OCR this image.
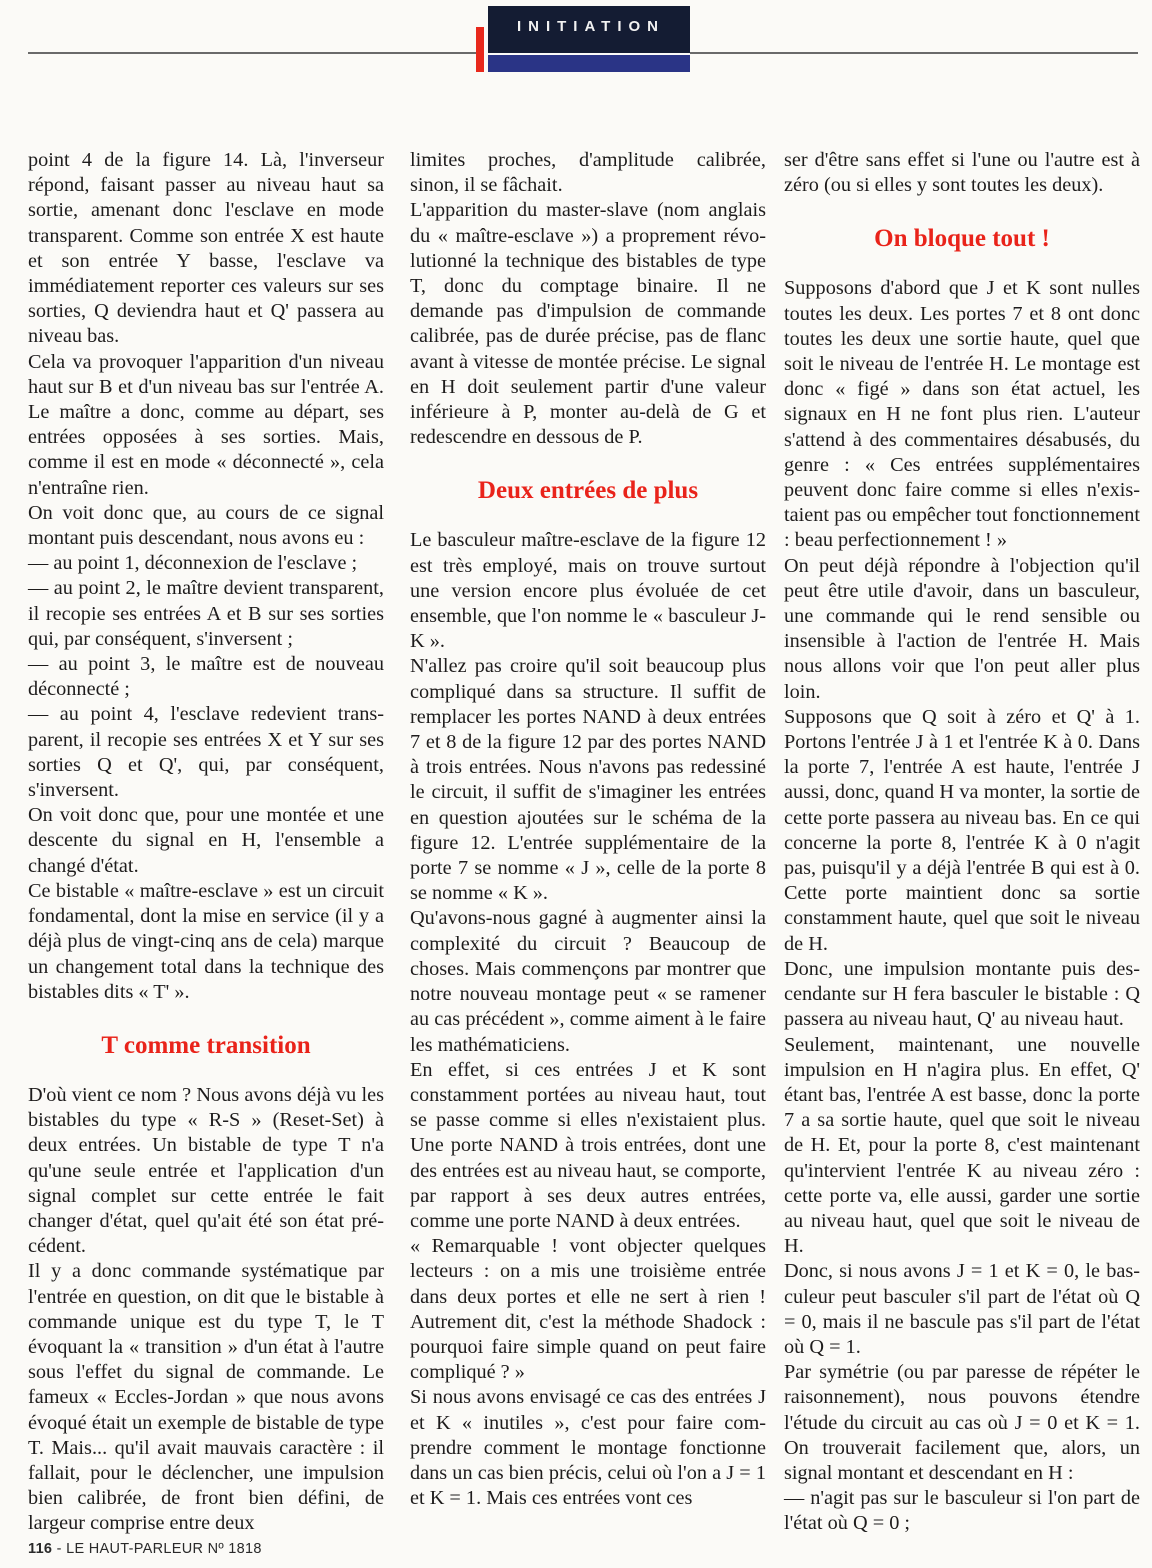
INITIATION

point 4 de la figure 14. Là, l'inverseur répond, faisant passer au niveau haut sa sortie, amenant donc l'esclave en mode transparent. Comme son entrée X est haute et son entrée Y basse, l'esclave va immédiatement reporter ces valeurs sur ses sorties, Q deviendra haut et Q' passera au niveau bas.

Cela va provoquer l'apparition d'un niveau haut sur B et d'un niveau bas sur l'entrée A. Le maître a donc, comme au départ, ses entrées opposées à ses sorties. Mais, comme il est en mode « déconnecté », cela n'entraîne rien.

On voit donc que, au cours de ce signal montant puis descendant, nous avons eu :

— au point 1, déconnexion de l'esclave ;

— au point 2, le maître devient transparent, il recopie ses entrées A et B sur ses sorties qui, par conséquent, s'inversent ;

— au point 3, le maître est de nouveau déconnecté ;

— au point 4, l'esclave redevient transparent, il recopie ses entrées X et Y sur ses sorties Q et Q', qui, par conséquent, s'inversent.

On voit donc que, pour une montée et une descente du signal en H, l'ensemble a changé d'état.

Ce bistable « maître-esclave » est un circuit fondamental, dont la mise en service (il y a déjà plus de vingt-cinq ans de cela) marque un changement total dans la technique des bistables dits « T' ».

T comme transition

D'où vient ce nom ? Nous avons déjà vu les bistables du type « R-S » (Reset-Set) à deux entrées. Un bistable de type T n'a qu'une seule entrée et l'application d'un signal complet sur cette entrée le fait changer d'état, quel qu'ait été son état précédent.

Il y a donc commande systématique par l'entrée en question, on dit que le bistable à commande unique est du type T, le T évoquant la « transition » d'un état à l'autre sous l'effet du signal de commande. Le fameux « Eccles-Jordan » que nous avons évoqué était un exemple de bistable de type T. Mais... qu'il avait mauvais caractère : il fallait, pour le déclencher, une impulsion bien calibrée, de front bien défini, de largeur comprise entre deux

limites proches, d'amplitude calibrée, sinon, il se fâchait.

L'apparition du master-slave (nom anglais du « maître-esclave ») a proprement révolutionné la technique des bistables de type T, donc du comptage binaire. Il ne demande pas d'impulsion de commande calibrée, pas de durée précise, pas de flanc avant à vitesse de montée précise. Le signal en H doit seulement partir d'une valeur inférieure à P, monter au-delà de G et redescendre en dessous de P.

Deux entrées de plus

Le basculeur maître-esclave de la figure 12 est très employé, mais on trouve surtout une version encore plus évoluée de cet ensemble, que l'on nomme le « basculeur J-K ».

N'allez pas croire qu'il soit beaucoup plus compliqué dans sa structure. Il suffit de remplacer les portes NAND à deux entrées 7 et 8 de la figure 12 par des portes NAND à trois entrées. Nous n'avons pas redessiné le circuit, il suffit de s'imaginer les entrées en question ajoutées sur le schéma de la figure 12. L'entrée supplémentaire de la porte 7 se nomme « J », celle de la porte 8 se nomme « K ».

Qu'avons-nous gagné à augmenter ainsi la complexité du circuit ? Beaucoup de choses. Mais commençons par montrer que notre nouveau montage peut « se ramener au cas précédent », comme aiment à le faire les mathématiciens.

En effet, si ces entrées J et K sont constamment portées au niveau haut, tout se passe comme si elles n'existaient plus. Une porte NAND à trois entrées, dont une des entrées est au niveau haut, se comporte, par rapport à ses deux autres entrées, comme une porte NAND à deux entrées.

« Remarquable ! vont objecter quelques lecteurs : on a mis une troisième entrée dans deux portes et elle ne sert à rien ! Autrement dit, c'est la méthode Shadock : pourquoi faire simple quand on peut faire compliqué ? »

Si nous avons envisagé ce cas des entrées J et K « inutiles », c'est pour faire comprendre comment le montage fonctionne dans un cas bien précis, celui où l'on a J = 1 et K = 1. Mais ces entrées vont ces

ser d'être sans effet si l'une ou l'autre est à zéro (ou si elles y sont toutes les deux).

On bloque tout !

Supposons d'abord que J et K sont nulles toutes les deux. Les portes 7 et 8 ont donc toutes les deux une sortie haute, quel que soit le niveau de l'entrée H. Le montage est donc « figé » dans son état actuel, les signaux en H ne font plus rien. L'auteur s'attend à des commentaires désabusés, du genre : « Ces entrées supplémentaires peuvent donc faire comme si elles n'existaient pas ou empêcher tout fonctionnement : beau perfectionnement ! »

On peut déjà répondre à l'objection qu'il peut être utile d'avoir, dans un basculeur, une commande qui le rend sensible ou insensible à l'action de l'entrée H. Mais nous allons voir que l'on peut aller plus loin.

Supposons que Q soit à zéro et Q' à 1. Portons l'entrée J à 1 et l'entrée K à 0. Dans la porte 7, l'entrée A est haute, l'entrée J aussi, donc, quand H va monter, la sortie de cette porte passera au niveau bas. En ce qui concerne la porte 8, l'entrée K à 0 n'agit pas, puisqu'il y a déjà l'entrée B qui est à 0. Cette porte maintient donc sa sortie constamment haute, quel que soit le niveau de H.

Donc, une impulsion montante puis descendante sur H fera basculer le bistable : Q passera au niveau haut, Q' au niveau haut.

Seulement, maintenant, une nouvelle impulsion en H n'agira plus. En effet, Q' étant bas, l'entrée A est basse, donc la porte 7 a sa sortie haute, quel que soit le niveau de H. Et, pour la porte 8, c'est maintenant qu'intervient l'entrée K au niveau zéro : cette porte va, elle aussi, garder une sortie au niveau haut, quel que soit le niveau de H.

Donc, si nous avons J = 1 et K = 0, le basculeur peut basculer s'il part de l'état où Q = 0, mais il ne bascule pas s'il part de l'état où Q = 1.

Par symétrie (ou par paresse de répéter le raisonnement), nous pouvons étendre l'étude du circuit au cas où J = 0 et K = 1. On trouverait facilement que, alors, un signal montant et descendant en H :

— n'agit pas sur le basculeur si l'on part de l'état où Q = 0 ;

116 - LE HAUT-PARLEUR Nº 1818
